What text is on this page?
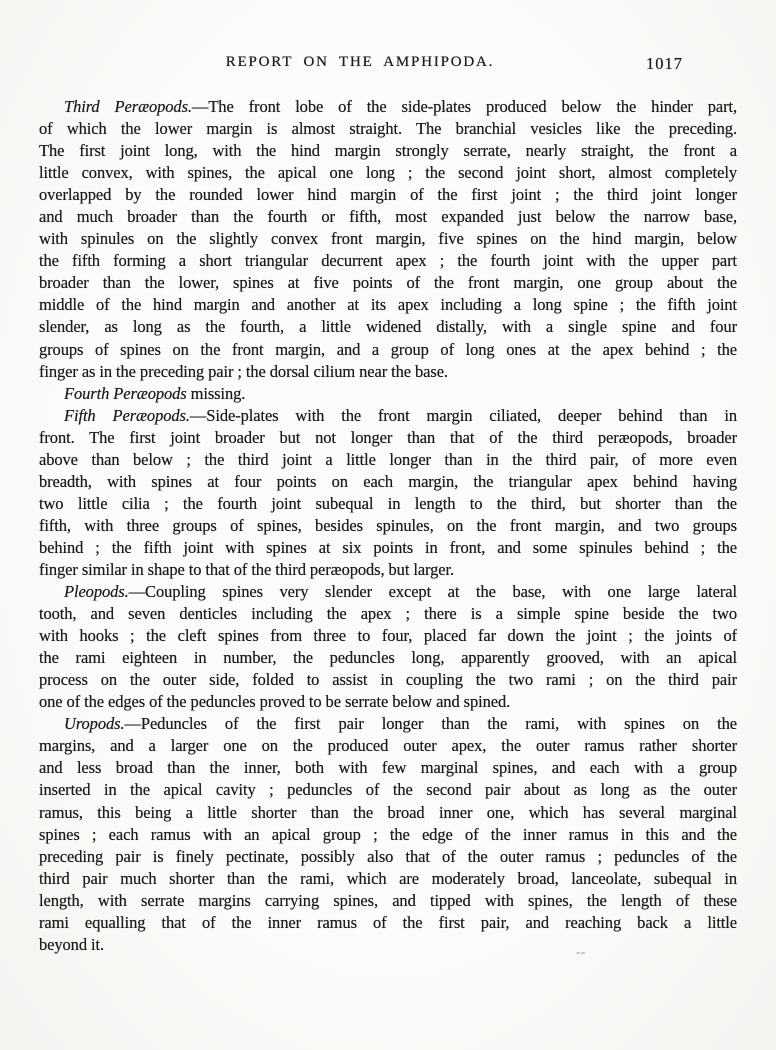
REPORT ON THE AMPHIPODA.	1017
Third Peræopods.—The front lobe of the side-plates produced below the hinder part,
of which the lower margin is almost straight. The branchial vesicles like the preceding.
The first joint long, with the hind margin strongly serrate, nearly straight, the front a
little convex, with spines, the apical one long ; the second joint short, almost completely
overlapped by the rounded lower hind margin of the first joint ; the third joint longer
and much broader than the fourth or fifth, most expanded just below the narrow base,
with spinules on the slightly convex front margin, five spines on the hind margin, below
the fifth forming a short triangular decurrent apex ; the fourth joint with the upper part
broader than the lower, spines at five points of the front margin, one group about the
middle of the hind margin and another at its apex including a long spine ; the fifth joint
slender, as long as the fourth, a little widened distally, with a single spine and four
groups of spines on the front margin, and a group of long ones at the apex behind ; the
finger as in the preceding pair ; the dorsal cilium near the base.
Fourth Peræopods missing.
Fifth Peræopods.—Side-plates with the front margin ciliated, deeper behind than in
front. The first joint broader but not longer than that of the third peræopods, broader
above than below ; the third joint a little longer than in the third pair, of more even
breadth, with spines at four points on each margin, the triangular apex behind having
two little cilia ; the fourth joint subequal in length to the third, but shorter than the
fifth, with three groups of spines, besides spinules, on the front margin, and two groups
behind ; the fifth joint with spines at six points in front, and some spinules behind ; the
finger similar in shape to that of the third peræopods, but larger.
Pleopods.—Coupling spines very slender except at the base, with one large lateral
tooth, and seven denticles including the apex ; there is a simple spine beside the two
with hooks ; the cleft spines from three to four, placed far down the joint ; the joints of
the rami eighteen in number, the peduncles long, apparently grooved, with an apical
process on the outer side, folded to assist in coupling the two rami ; on the third pair
one of the edges of the peduncles proved to be serrate below and spined.
Uropods.—Peduncles of the first pair longer than the rami, with spines on the
margins, and a larger one on the produced outer apex, the outer ramus rather shorter
and less broad than the inner, both with few marginal spines, and each with a group
inserted in the apical cavity ; peduncles of the second pair about as long as the outer
ramus, this being a little shorter than the broad inner one, which has several marginal
spines ; each ramus with an apical group ; the edge of the inner ramus in this and the
preceding pair is finely pectinate, possibly also that of the outer ramus ; peduncles of the
third pair much shorter than the rami, which are moderately broad, lanceolate, subequal in
length, with serrate margins carrying spines, and tipped with spines, the length of these
rami equalling that of the inner ramus of the first pair, and reaching back a little
beyond it.	--
